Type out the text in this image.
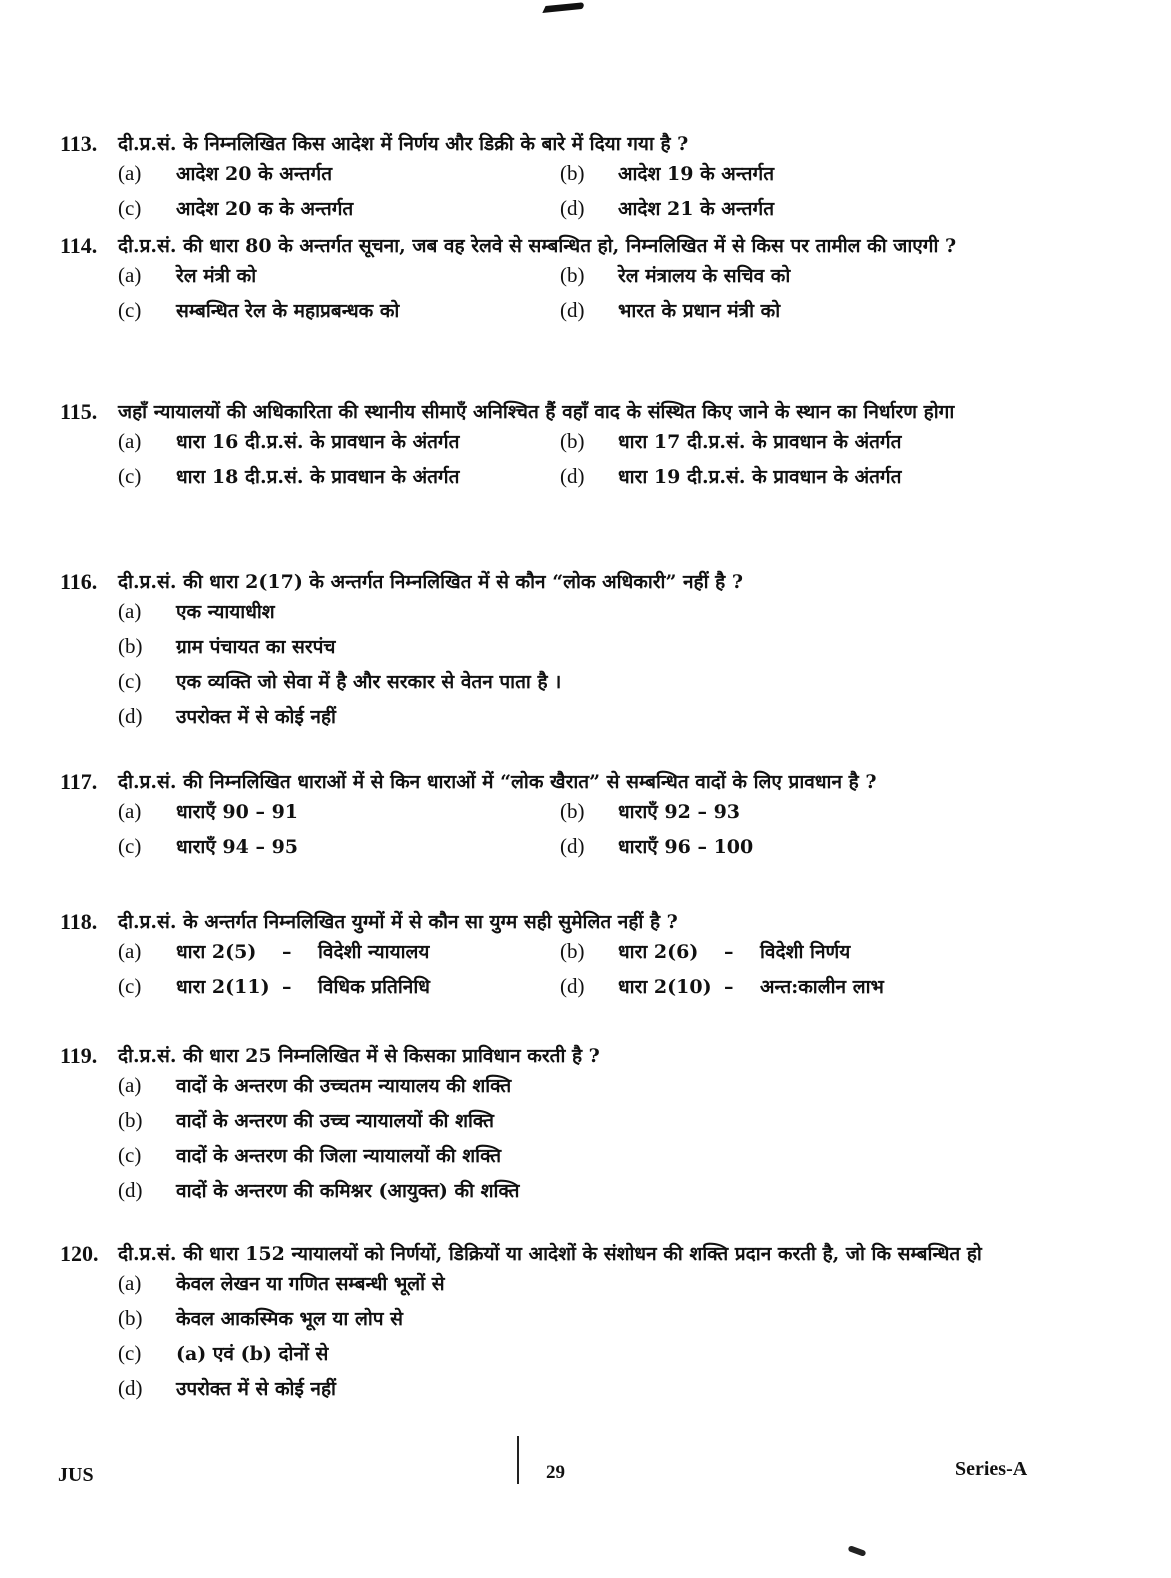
113. दी.प्र.सं. के निम्नलिखित किस आदेश में निर्णय और डिक्री के बारे में दिया गया है ?
(a)	आदेश 20 के अन्तर्गत	(b)	आदेश 19 के अन्तर्गत
(c)	आदेश 20 क के अन्तर्गत	(d)	आदेश 21 के अन्तर्गत
114. दी.प्र.सं. की धारा 80 के अन्तर्गत सूचना, जब वह रेलवे से सम्बन्धित हो, निम्नलिखित में से किस पर तामील की जाएगी ?
(a)	रेल मंत्री को	(b)	रेल मंत्रालय के सचिव को
(c)	सम्बन्धित रेल के महाप्रबन्धक को	(d)	भारत के प्रधान मंत्री को
115. जहाँ न्यायालयों की अधिकारिता की स्थानीय सीमाएँ अनिश्चित हैं वहाँ वाद के संस्थित किए जाने के स्थान का निर्धारण होगा
(a)	धारा 16 दी.प्र.सं. के प्रावधान के अंतर्गत	(b)	धारा 17 दी.प्र.सं. के प्रावधान के अंतर्गत
(c)	धारा 18 दी.प्र.सं. के प्रावधान के अंतर्गत	(d)	धारा 19 दी.प्र.सं. के प्रावधान के अंतर्गत
116. दी.प्र.सं. की धारा 2(17) के अन्तर्गत निम्नलिखित में से कौन “लोक अधिकारी” नहीं है ?
(a)	एक न्यायाधीश
(b)	ग्राम पंचायत का सरपंच
(c)	एक व्यक्ति जो सेवा में है और सरकार से वेतन पाता है ।
(d)	उपरोक्त में से कोई नहीं
117. दी.प्र.सं. की निम्नलिखित धाराओं में से किन धाराओं में “लोक खैरात” से सम्बन्धित वादों के लिए प्रावधान है ?
(a)	धाराएँ 90 – 91	(b)	धाराएँ 92 – 93
(c)	धाराएँ 94 – 95	(d)	धाराएँ 96 – 100
118. दी.प्र.सं. के अन्तर्गत निम्नलिखित युग्मों में से कौन सा युग्म सही सुमेलित नहीं है ?
(a)	धारा 2(5) – विदेशी न्यायालय	(b)	धारा 2(6) – विदेशी निर्णय
(c)	धारा 2(11) – विधिक प्रतिनिधि	(d)	धारा 2(10) – अन्त:कालीन लाभ
119. दी.प्र.सं. की धारा 25 निम्नलिखित में से किसका प्राविधान करती है ?
(a)	वादों के अन्तरण की उच्चतम न्यायालय की शक्ति
(b)	वादों के अन्तरण की उच्च न्यायालयों की शक्ति
(c)	वादों के अन्तरण की जिला न्यायालयों की शक्ति
(d)	वादों के अन्तरण की कमिश्नर (आयुक्त) की शक्ति
120. दी.प्र.सं. की धारा 152 न्यायालयों को निर्णयों, डिक्रियों या आदेशों के संशोधन की शक्ति प्रदान करती है, जो कि सम्बन्धित हो
(a)	केवल लेखन या गणित सम्बन्धी भूलों से
(b)	केवल आकस्मिक भूल या लोप से
(c)	(a) एवं (b) दोनों से
(d)	उपरोक्त में से कोई नहीं
JUS	29	Series-A
